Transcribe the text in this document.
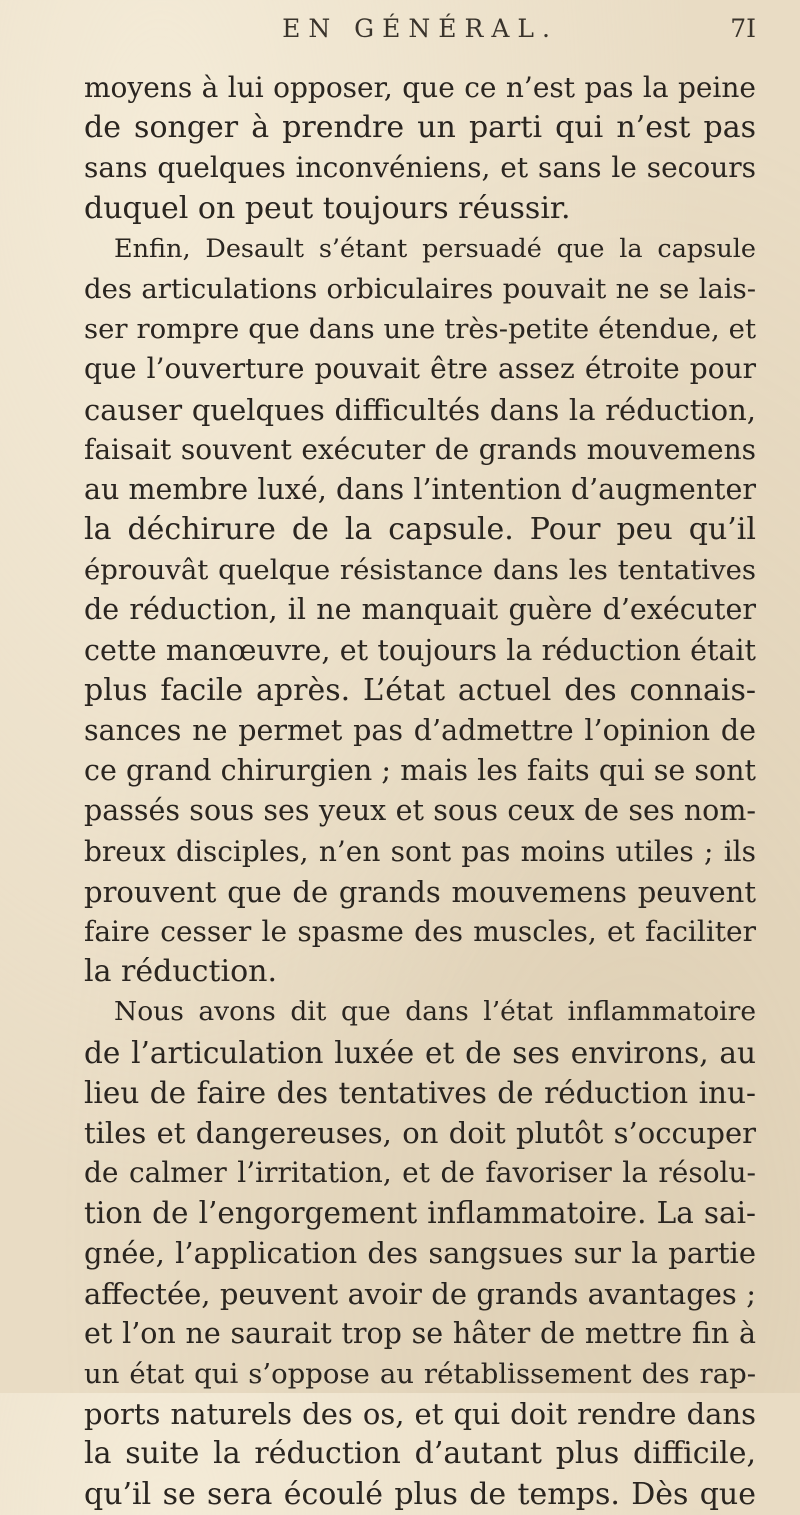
EN GÉNÉRAL.	7I
moyens à lui opposer, que ce n’est pas la peine
de songer à prendre un parti qui n’est pas
sans quelques inconvéniens, et sans le secours
duquel on peut toujours réussir.
Enfin, Desault s’étant persuadé que la capsule
des articulations orbiculaires pouvait ne se lais-
ser rompre que dans une très-petite étendue, et
que l’ouverture pouvait être assez étroite pour
causer quelques difficultés dans la réduction,
faisait souvent exécuter de grands mouvemens
au membre luxé, dans l’intention d’augmenter
la déchirure de la capsule. Pour peu qu’il
éprouvât quelque résistance dans les tentatives
de réduction, il ne manquait guère d’exécuter
cette manœuvre, et toujours la réduction était
plus facile après. L’état actuel des connais-
sances ne permet pas d’admettre l’opinion de
ce grand chirurgien ; mais les faits qui se sont
passés sous ses yeux et sous ceux de ses nom-
breux disciples, n’en sont pas moins utiles ; ils
prouvent que de grands mouvemens peuvent
faire cesser le spasme des muscles, et faciliter
la réduction.
Nous avons dit que dans l’état inflammatoire
de l’articulation luxée et de ses environs, au
lieu de faire des tentatives de réduction inu-
tiles et dangereuses, on doit plutôt s’occuper
de calmer l’irritation, et de favoriser la résolu-
tion de l’engorgement inflammatoire. La sai-
gnée, l’application des sangsues sur la partie
affectée, peuvent avoir de grands avantages ;
et l’on ne saurait trop se hâter de mettre fin à
un état qui s’oppose au rétablissement des rap-
ports naturels des os, et qui doit rendre dans
la suite la réduction d’autant plus difficile,
qu’il se sera écoulé plus de temps. Dès que
